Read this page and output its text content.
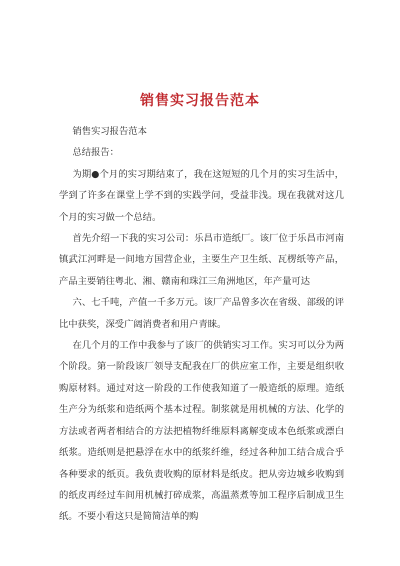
销售实习报告范本

销售实习报告范本

总结报告：

为期●个月的实习期结束了，我在这短短的几个月的实习生活中，学到了许多在课堂上学不到的实践学问，受益非浅。现在我就对这几个月的实习做一个总结。

首先介绍一下我的实习公司：乐昌市造纸厂。该厂位于乐昌市河南镇武江河畔是一间地方国营企业，主要生产卫生纸、瓦楞纸等产品，产品主要销往粤北、湘、赣南和珠江三角洲地区，年产量可达

六、七千吨，产值一千多万元。该厂产品曾多次在省级、部级的评比中获奖，深受广阔消费者和用户青睐。

在几个月的工作中我参与了该厂的供销实习工作。实习可以分为两个阶段。第一阶段该厂领导支配我在厂的供应室工作，主要是组织收购原材料。通过对这一阶段的工作使我知道了一般造纸的原理。造纸生产分为纸浆和造纸两个基本过程。制浆就是用机械的方法、化学的方法或者两者相结合的方法把植物纤维原料离解变成本色纸浆或漂白纸浆。造纸则是把悬浮在水中的纸浆纤维，经过各种加工结合成合乎各种要求的纸页。我负责收购的原材料是纸皮。把从旁边城乡收购到的纸皮再经过车间用机械打碎成浆，高温蒸煮等加工程序后制成卫生纸。不要小看这只是简简洁单的购
